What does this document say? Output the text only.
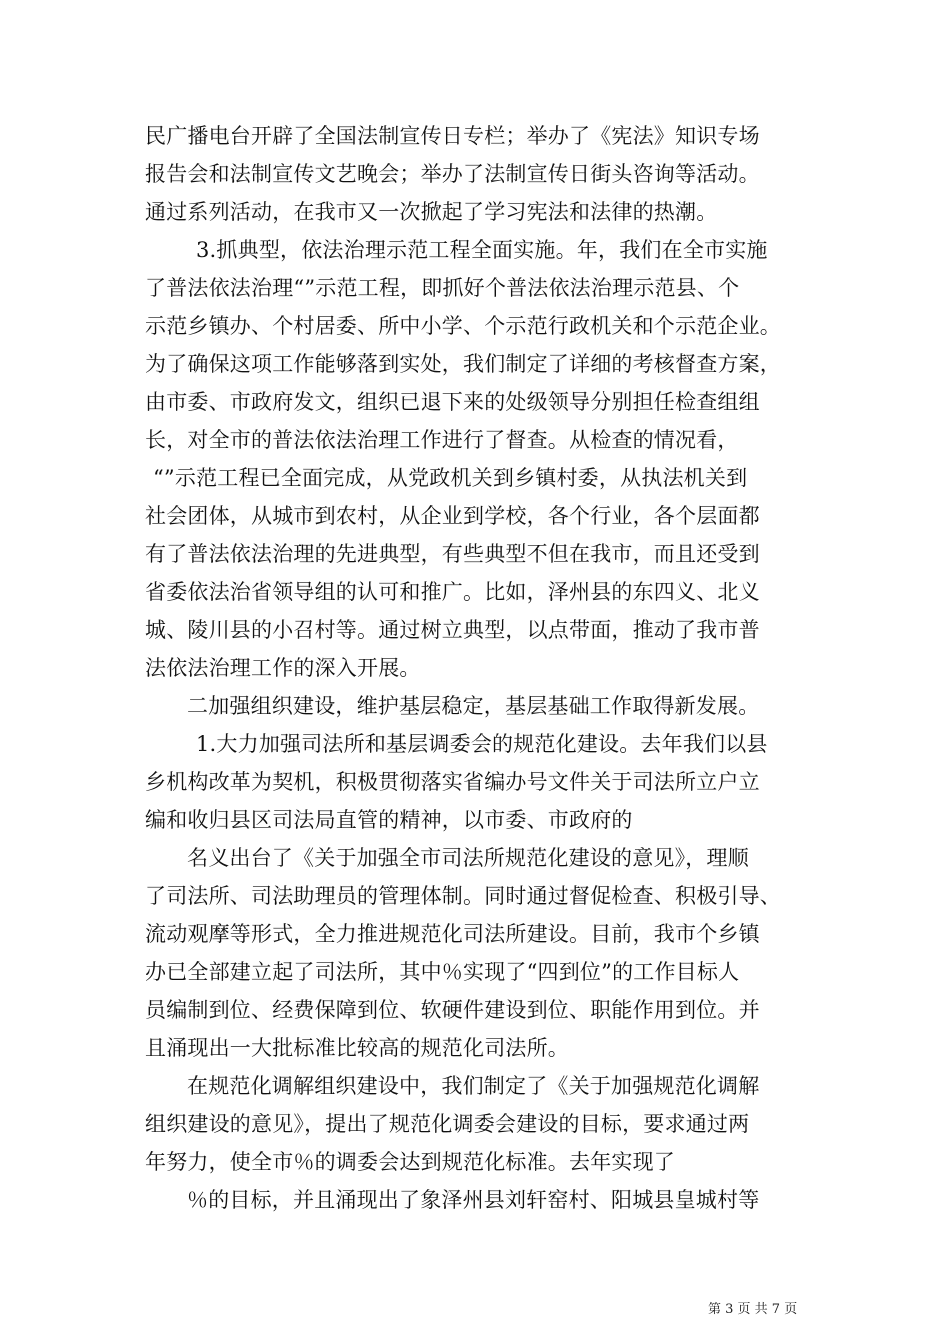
民广播电台开辟了全国法制宣传日专栏；举办了《宪法》知识专场
报告会和法制宣传文艺晚会；举办了法制宣传日街头咨询等活动。
通过系列活动，在我市又一次掀起了学习宪法和法律的热潮。
3.抓典型，依法治理示范工程全面实施。年，我们在全市实施
了普法依法治理“”示范工程，即抓好个普法依法治理示范县、个
示范乡镇办、个村居委、所中小学、个示范行政机关和个示范企业。
为了确保这项工作能够落到实处，我们制定了详细的考核督查方案，
由市委、市政府发文，组织已退下来的处级领导分别担任检查组组
长，对全市的普法依法治理工作进行了督查。从检查的情况看，
“”示范工程已全面完成，从党政机关到乡镇村委，从执法机关到
社会团体，从城市到农村，从企业到学校，各个行业，各个层面都
有了普法依法治理的先进典型，有些典型不但在我市，而且还受到
省委依法治省领导组的认可和推广。比如，泽州县的东四义、北义
城、陵川县的小召村等。通过树立典型，以点带面，推动了我市普
法依法治理工作的深入开展。
二加强组织建设，维护基层稳定，基层基础工作取得新发展。
1.大力加强司法所和基层调委会的规范化建设。去年我们以县
乡机构改革为契机，积极贯彻落实省编办号文件关于司法所立户立
编和收归县区司法局直管的精神，以市委、市政府的
名义出台了《关于加强全市司法所规范化建设的意见》，理顺
了司法所、司法助理员的管理体制。同时通过督促检查、积极引导、
流动观摩等形式，全力推进规范化司法所建设。目前，我市个乡镇
办已全部建立起了司法所，其中％实现了“四到位”的工作目标人
员编制到位、经费保障到位、软硬件建设到位、职能作用到位。并
且涌现出一大批标准比较高的规范化司法所。
在规范化调解组织建设中，我们制定了《关于加强规范化调解
组织建设的意见》，提出了规范化调委会建设的目标，要求通过两
年努力，使全市％的调委会达到规范化标准。去年实现了
％的目标，并且涌现出了象泽州县刘轩窑村、阳城县皇城村等
第 3 页 共 7 页
